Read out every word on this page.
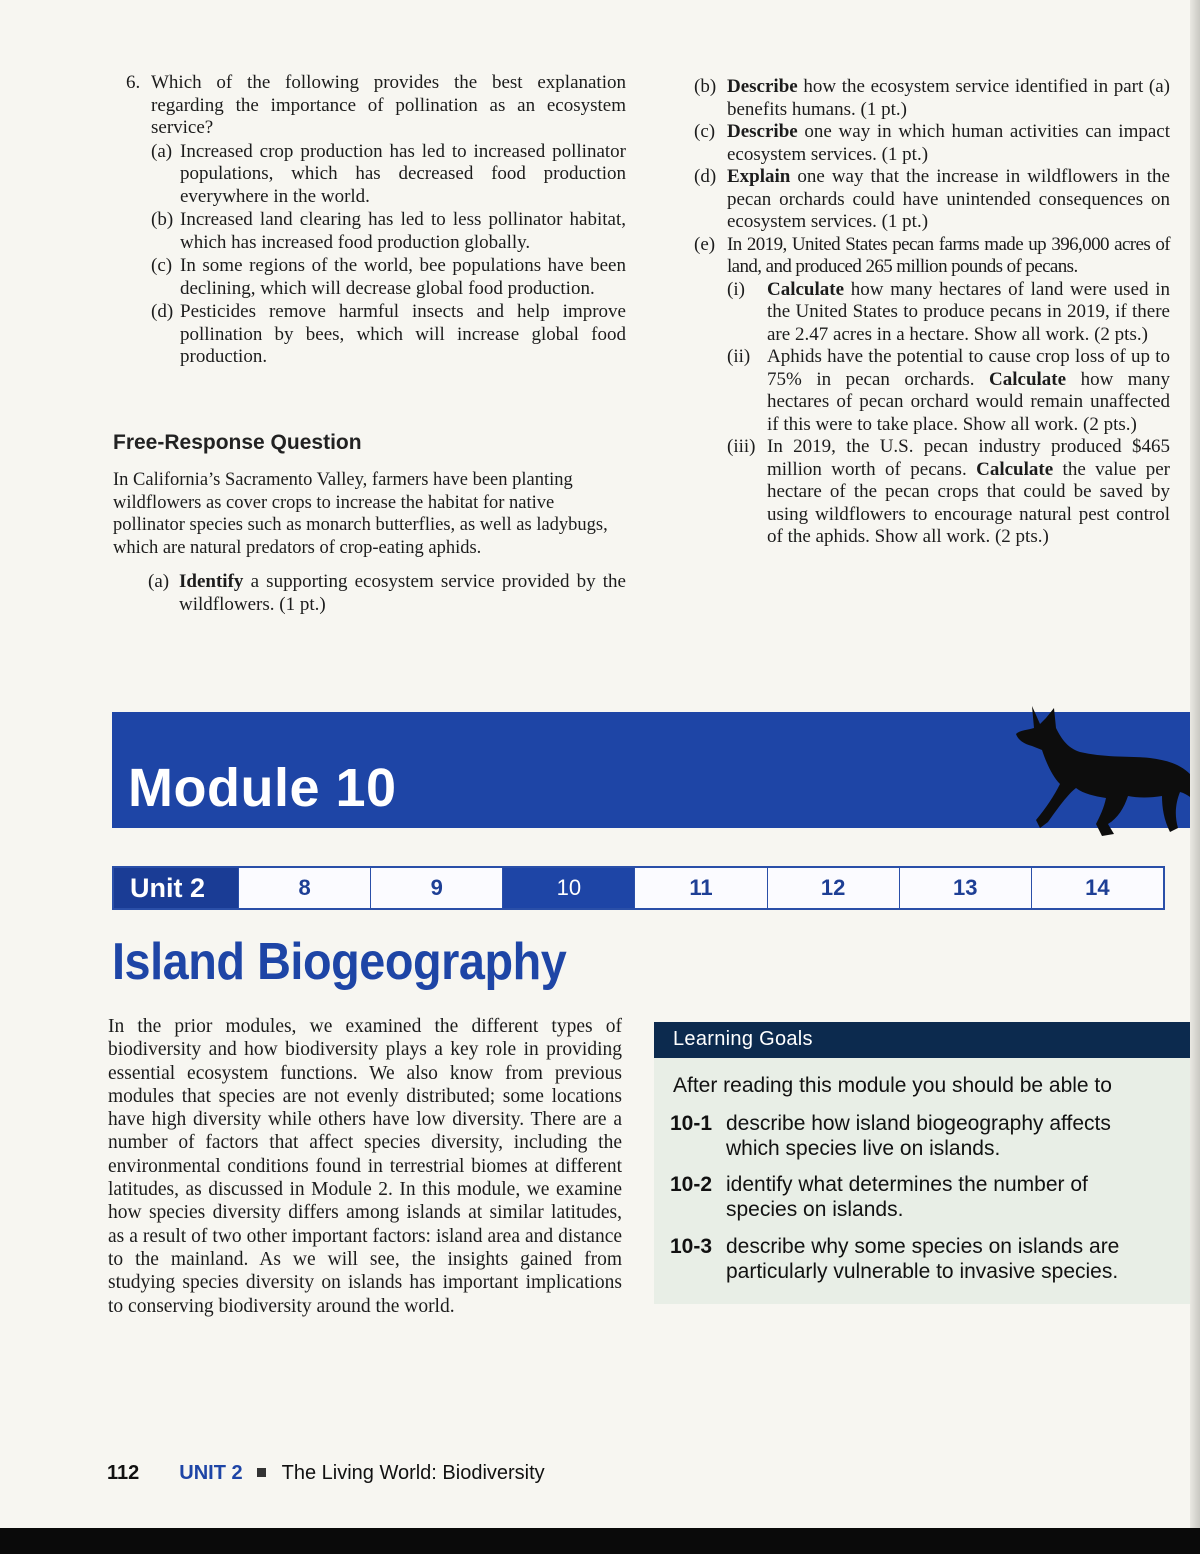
6. Which of the following provides the best explanation regarding the importance of pollination as an ecosystem service?
(a) Increased crop production has led to increased pollinator populations, which has decreased food production everywhere in the world.
(b) Increased land clearing has led to less pollinator habitat, which has increased food production globally.
(c) In some regions of the world, bee populations have been declining, which will decrease global food production.
(d) Pesticides remove harmful insects and help improve pollination by bees, which will increase global food production.
Free-Response Question
In California’s Sacramento Valley, farmers have been planting wildflowers as cover crops to increase the habitat for native pollinator species such as monarch butterflies, as well as ladybugs, which are natural predators of crop-eating aphids.
(a) Identify a supporting ecosystem service provided by the wildflowers. (1 pt.)
(b) Describe how the ecosystem service identified in part (a) benefits humans. (1 pt.)
(c) Describe one way in which human activities can impact ecosystem services. (1 pt.)
(d) Explain one way that the increase in wildflowers in the pecan orchards could have unintended consequences on ecosystem services. (1 pt.)
(e) In 2019, United States pecan farms made up 396,000 acres of land, and produced 265 million pounds of pecans.
(i)	Calculate how many hectares of land were used in the United States to produce pecans in 2019, if there are 2.47 acres in a hectare. Show all work. (2 pts.)
(ii) Aphids have the potential to cause crop loss of up to 75% in pecan orchards. Calculate how many hectares of pecan orchard would remain unaffected if this were to take place. Show all work. (2 pts.)
(iii) In 2019, the U.S. pecan industry produced $465 million worth of pecans. Calculate the value per hectare of the pecan crops that could be saved by using wildflowers to encourage natural pest control of the aphids. Show all work. (2 pts.)
Module 10
Unit 2	8	9	10	11	12	13	14
Island Biogeography
In the prior modules, we examined the different types of biodiversity and how biodiversity plays a key role in providing essential ecosystem functions. We also know from previous modules that species are not evenly distributed; some locations have high diversity while others have low diversity. There are a number of factors that affect species diversity, including the environmental conditions found in terrestrial biomes at different latitudes, as discussed in Module 2. In this module, we examine how species diversity differs among islands at similar latitudes, as a result of two other important factors: island area and distance to the mainland. As we will see, the insights gained from studying species diversity on islands has important implications to conserving biodiversity around the world.
Learning Goals
After reading this module you should be able to
10-1 describe how island biogeography affects which species live on islands.
10-2 identify what determines the number of species on islands.
10-3 describe why some species on islands are particularly vulnerable to invasive species.
112 UNIT 2 The Living World: Biodiversity
